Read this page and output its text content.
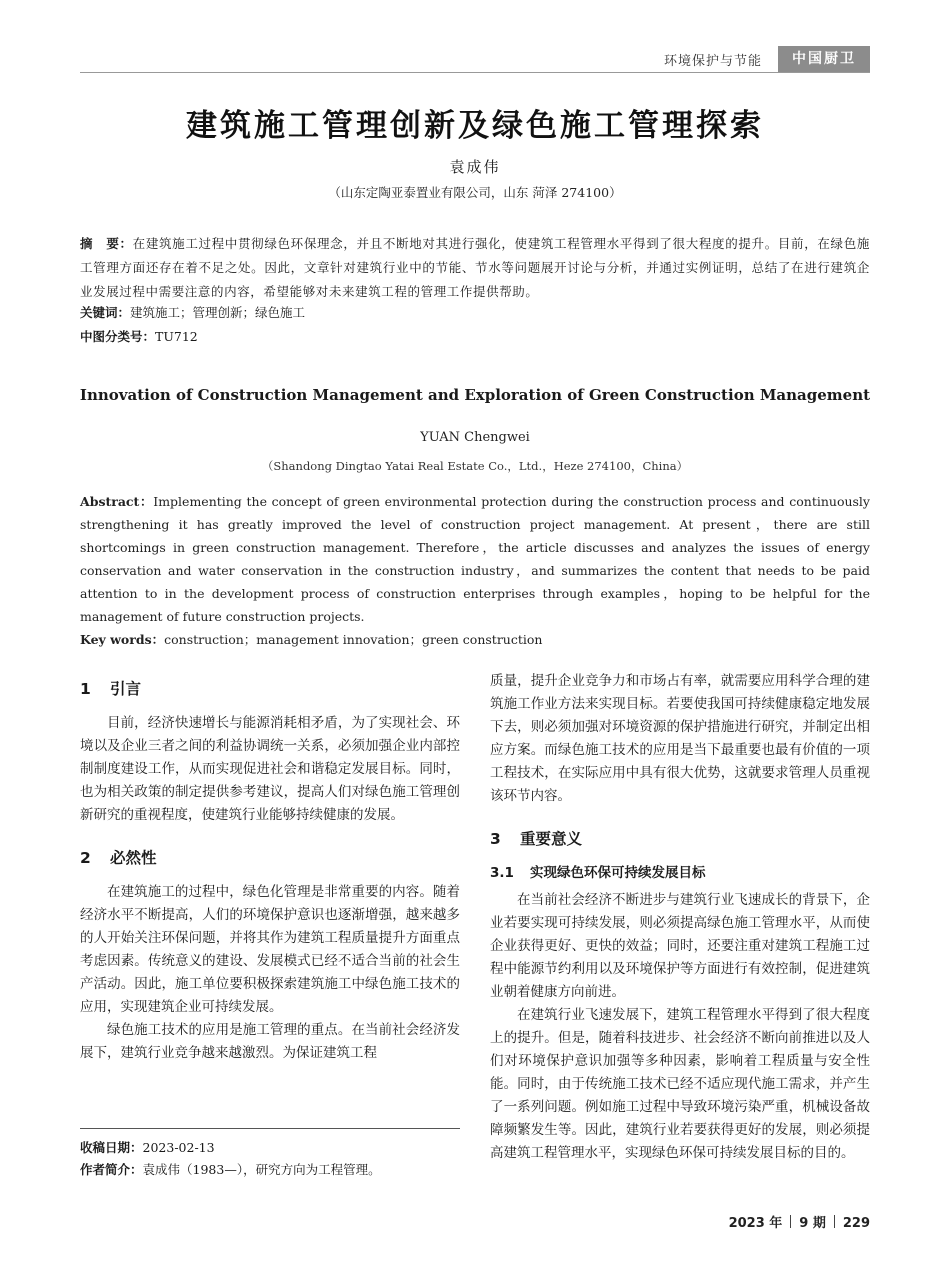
环境保护与节能	中国厨卫
建筑施工管理创新及绿色施工管理探索
袁成伟
（山东定陶亚泰置业有限公司，山东 菏泽 274100）
摘　要：在建筑施工过程中贯彻绿色环保理念，并且不断地对其进行强化，使建筑工程管理水平得到了很大程度的提升。目前，在绿色施工管理方面还存在着不足之处。因此，文章针对建筑行业中的节能、节水等问题展开讨论与分析，并通过实例证明，总结了在进行建筑企业发展过程中需要注意的内容，希望能够对未来建筑工程的管理工作提供帮助。
关键词：建筑施工；管理创新；绿色施工
中图分类号：TU712
Innovation of Construction Management and Exploration of Green Construction Management
YUAN Chengwei
（Shandong Dingtao Yatai Real Estate Co.，Ltd.，Heze 274100，China）
Abstract：Implementing the concept of green environmental protection during the construction process and continuously strengthening it has greatly improved the level of construction project management. At present，there are still shortcomings in green construction management. Therefore，the article discusses and analyzes the issues of energy conservation and water conservation in the construction industry，and summarizes the content that needs to be paid attention to in the development process of construction enterprises through examples，hoping to be helpful for the management of future construction projects.
Key words：construction；management innovation；green construction
1 引言

目前，经济快速增长与能源消耗相矛盾，为了实现社会、环境以及企业三者之间的利益协调统一关系，必须加强企业内部控制制度建设工作，从而实现促进社会和谐稳定发展目标。同时，也为相关政策的制定提供参考建议，提高人们对绿色施工管理创新研究的重视程度，使建筑行业能够持续健康的发展。

2 必然性

在建筑施工的过程中，绿色化管理是非常重要的内容。随着经济水平不断提高，人们的环境保护意识也逐渐增强，越来越多的人开始关注环保问题，并将其作为建筑工程质量提升方面重点考虑因素。传统意义的建设、发展模式已经不适合当前的社会生产活动。因此，施工单位要积极探索建筑施工中绿色施工技术的应用，实现建筑企业可持续发展。

绿色施工技术的应用是施工管理的重点。在当前社会经济发展下，建筑行业竞争越来越激烈。为保证建筑工程

质量，提升企业竞争力和市场占有率，就需要应用科学合理的建筑施工作业方法来实现目标。若要使我国可持续健康稳定地发展下去，则必须加强对环境资源的保护措施进行研究，并制定出相应方案。而绿色施工技术的应用是当下最重要也最有价值的一项工程技术，在实际应用中具有很大优势，这就要求管理人员重视该环节内容。

3 重要意义
3.1 实现绿色环保可持续发展目标

在当前社会经济不断进步与建筑行业飞速成长的背景下，企业若要实现可持续发展，则必须提高绿色施工管理水平，从而使企业获得更好、更快的效益；同时，还要注重对建筑工程施工过程中能源节约利用以及环境保护等方面进行有效控制，促进建筑业朝着健康方向前进。

在建筑行业飞速发展下，建筑工程管理水平得到了很大程度上的提升。但是，随着科技进步、社会经济不断向前推进以及人们对环境保护意识加强等多种因素，影响着工程质量与安全性能。同时，由于传统施工技术已经不适应现代施工需求，并产生了一系列问题。例如施工过程中导致环境污染严重，机械设备故障频繁发生等。因此，建筑行业若要获得更好的发展，则必须提高建筑工程管理水平，实现绿色环保可持续发展目标的目的。

收稿日期：2023-02-13
作者简介：袁成伟（1983—），研究方向为工程管理。
2023 年 9 期 229
